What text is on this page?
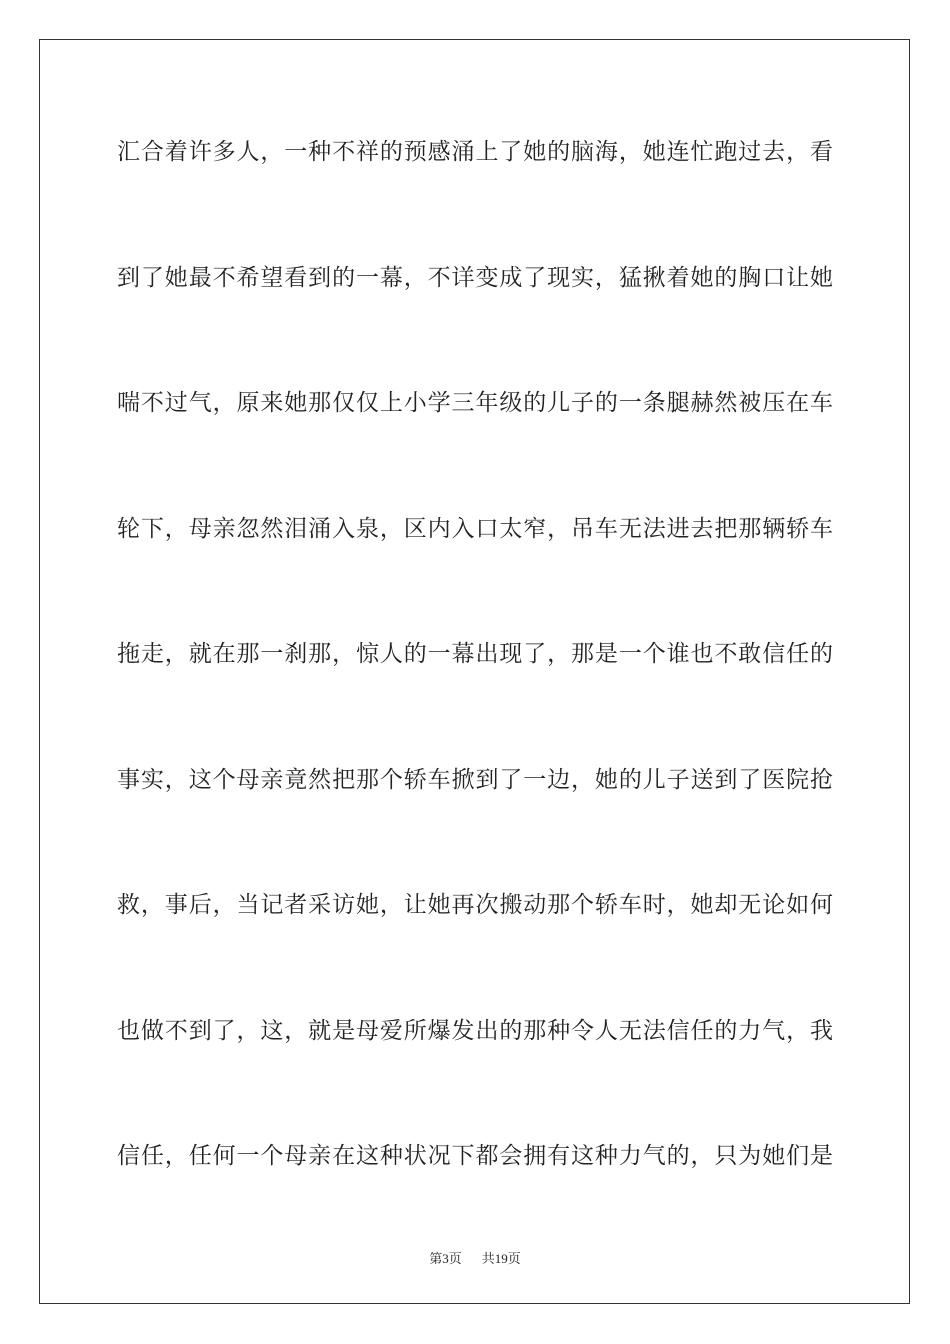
汇合着许多人，一种不祥的预感涌上了她的脑海，她连忙跑过去，看
到了她最不希望看到的一幕，不详变成了现实，猛揪着她的胸口让她
喘不过气，原来她那仅仅上小学三年级的儿子的一条腿赫然被压在车
轮下，母亲忽然泪涌入泉，区内入口太窄，吊车无法进去把那辆轿车
拖走，就在那一刹那，惊人的一幕出现了，那是一个谁也不敢信任的
事实，这个母亲竟然把那个轿车掀到了一边，她的儿子送到了医院抢
救，事后，当记者采访她，让她再次搬动那个轿车时，她却无论如何
也做不到了，这，就是母爱所爆发出的那种令人无法信任的力气，我
信任，任何一个母亲在这种状况下都会拥有这种力气的，只为她们是
第3页 共19页
